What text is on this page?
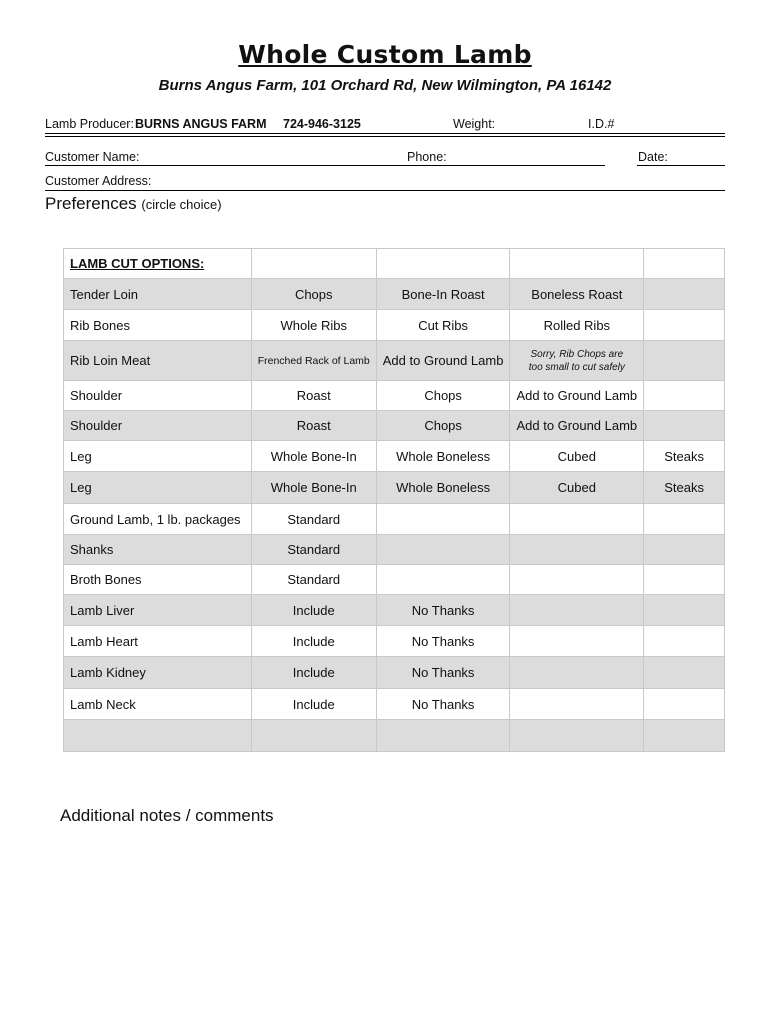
Whole Custom Lamb
Burns Angus Farm, 101 Orchard Rd, New Wilmington, PA 16142
Lamb Producer: BURNS ANGUS FARM 724-946-3125	Weight:	I.D.#
Customer Name:	Phone:	Date:
Customer Address:
Preferences (circle choice)
LAMB CUT OPTIONS:				
Tender Loin	Chops	Bone-In Roast	Boneless Roast	
Rib Bones	Whole Ribs	Cut Ribs	Rolled Ribs	
Rib Loin Meat	Frenched Rack of Lamb	Add to Ground Lamb	Sorry, Rib Chops are
too small to cut safely	

Shoulder	Roast	Chops	Add to Ground Lamb	
Shoulder	Roast	Chops	Add to Ground Lamb	
Leg	Whole Bone-In	Whole Boneless	Cubed	Steaks
Leg	Whole Bone-In	Whole Boneless	Cubed	Steaks
Ground Lamb, 1 lb. packages	Standard			
Shanks	Standard			
Broth Bones	Standard			
Lamb Liver	Include	No Thanks		
Lamb Heart	Include	No Thanks		
Lamb Kidney	Include	No Thanks		
Lamb Neck	Include	No Thanks		

Additional notes / comments
